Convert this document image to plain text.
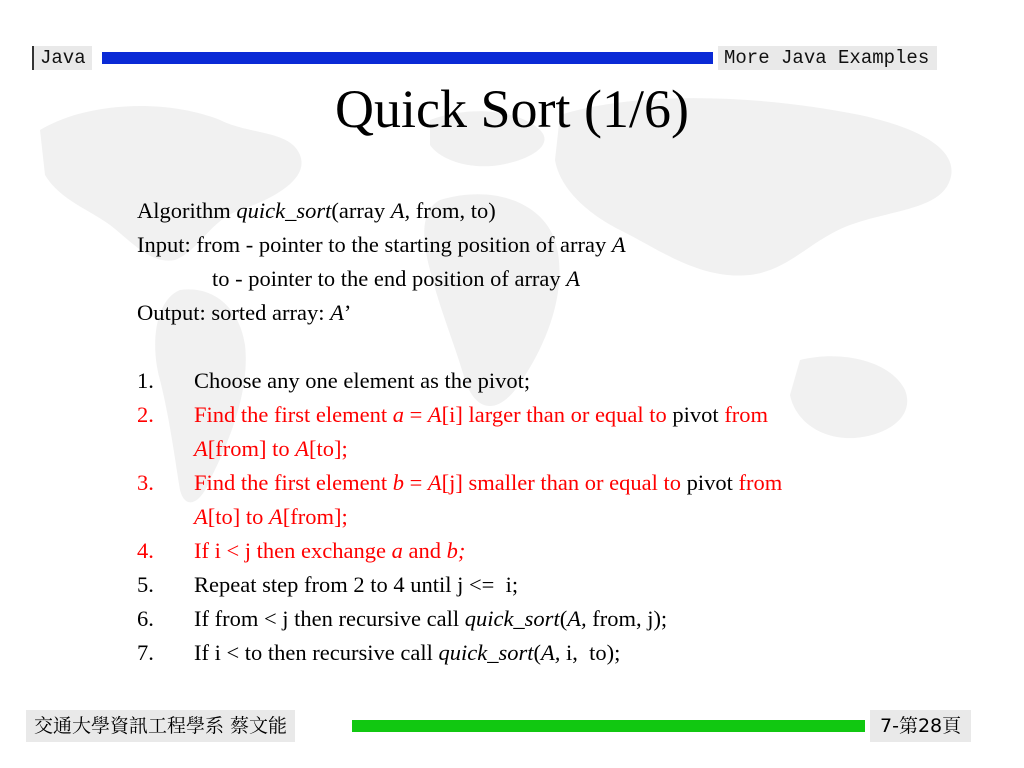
Java	More Java Examples
Quick Sort (1/6)
Algorithm quick_sort(array A, from, to)
Input: from - pointer to the starting position of array A
to - pointer to the end position of array A
Output: sorted array: A’
1. Choose any one element as the pivot;
2. Find the first element a = A[i] larger than or equal to pivot from
A[from] to A[to];
3. Find the first element b = A[j] smaller than or equal to pivot from
A[to] to A[from];
4. If i < j then exchange a and b;
5. Repeat step from 2 to 4 until j <=  i;
6. If from < j then recursive call quick_sort(A, from, j);
7. If i < to then recursive call quick_sort(A, i,  to);
交通大學資訊工程學系 蔡文能	7-第28頁
